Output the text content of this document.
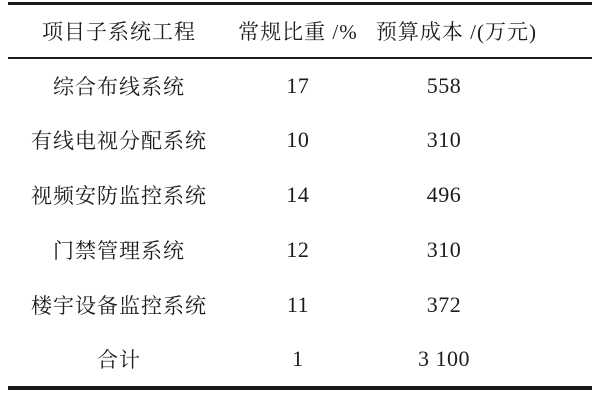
项目子系统工程	常规比重 /%	预算成本 /(万元)
综合布线系统	17	558
有线电视分配系统	10	310
视频安防监控系统	14	496
门禁管理系统	12	310
楼宇设备监控系统	11	372
合计	1	3 100
